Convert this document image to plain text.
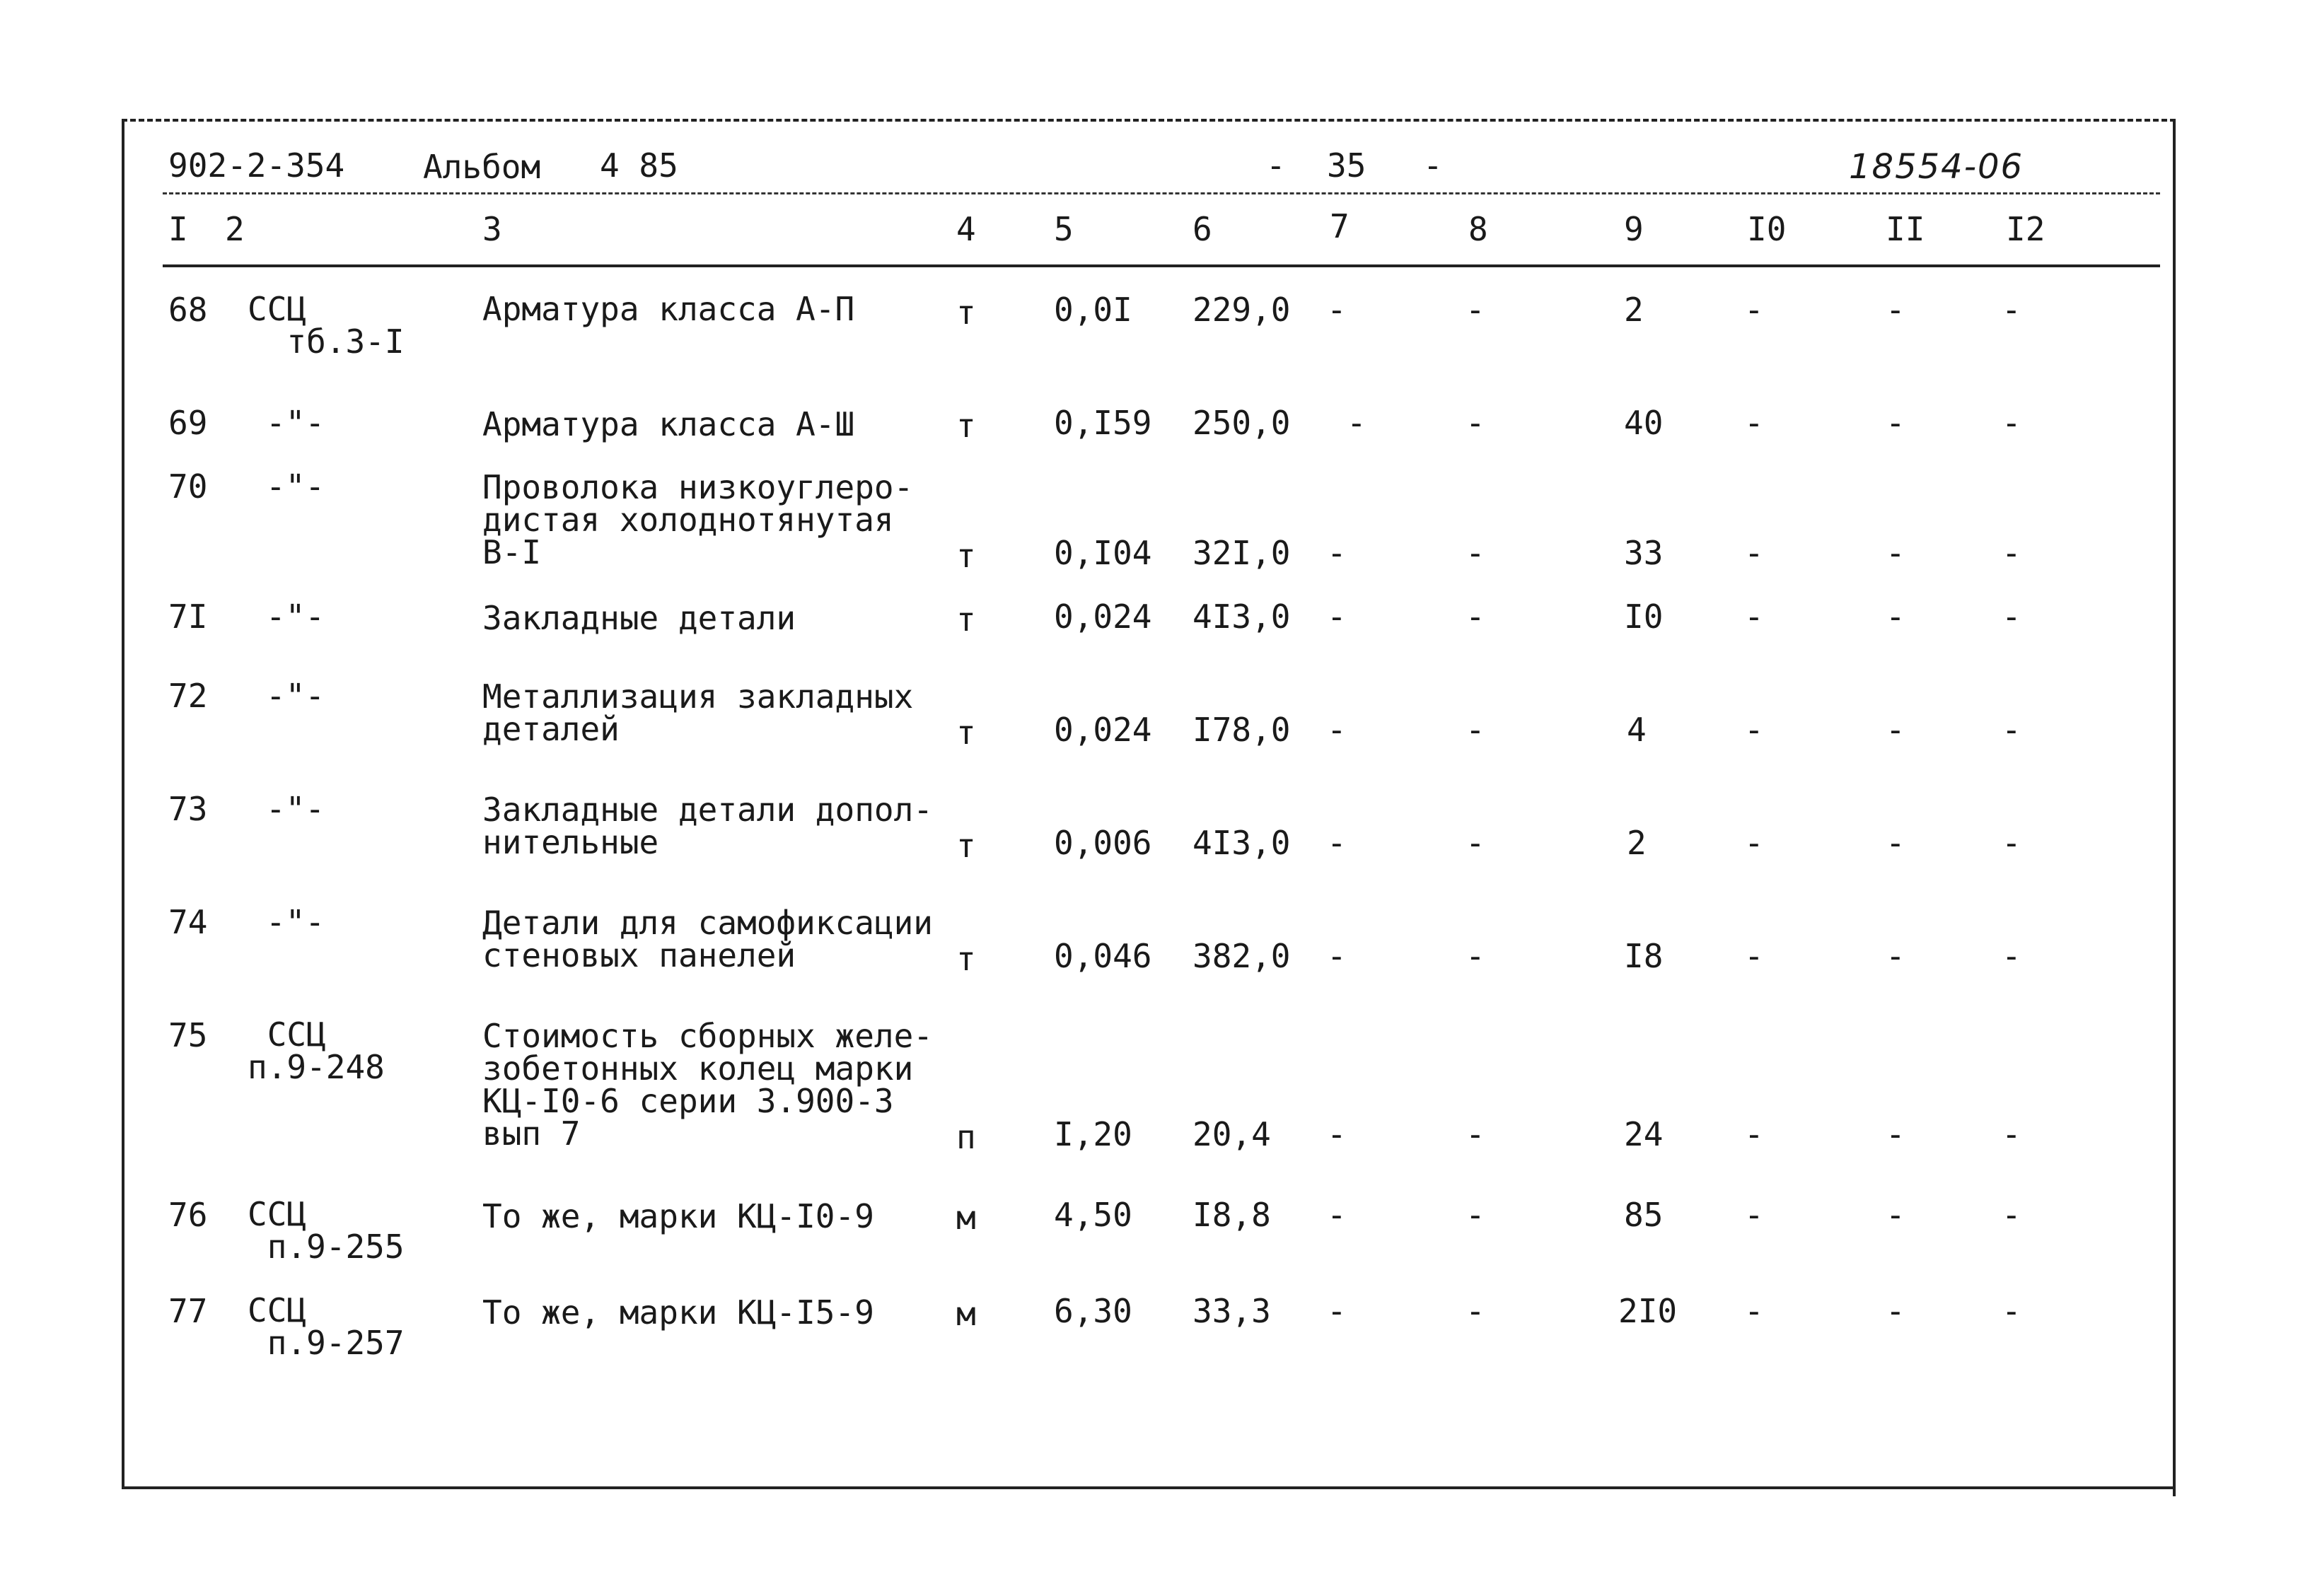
902-2-354 Альбом 4 85	- 35 -	18554-06
I 2	3	4 5	6	7	8	9	I0	II I2
68 ССЦ
тб.3-I
Арматура класса А-П	т 0,0I 229,0 -	-	2	-	-	-
69 -"-	Арматура класса А-Ш	т 0,I59 250,0 -	-	40 -	-	-
70 -"-	Проволока низкоуглеро-
дистая холоднотянутая
В-I	т 0,I04 32I,0 -	-	33 -	-	-
7I -"-	Закладные детали	т 0,024 4I3,0 -	-	I0 -	-	-
72 -"-	Металлизация закладных
деталей	т 0,024 I78,0 -	-	4	-	-	-
73 -"-	Закладные детали допол-
нительные	т 0,006 4I3,0 -	-	2	-	-	-
74 -"-	Детали для самофиксации
стеновых панелей	т 0,046 382,0 -	-	I8 -	-	-
75	ССЦ
п.9-248
Стоимость сборных желе-
зобетонных колец марки
КЦ-I0-6 серии 3.900-3
вып 7	п I,20 20,4 -	-	24 -	-	-
76 ССЦ
п.9-255
То же, марки КЦ-I0-9	м 4,50 I8,8 -	-	85 -	-	-
77 ССЦ
п.9-257
То же, марки КЦ-I5-9	м 6,30 33,3 -	-	2I0 -	-	-
